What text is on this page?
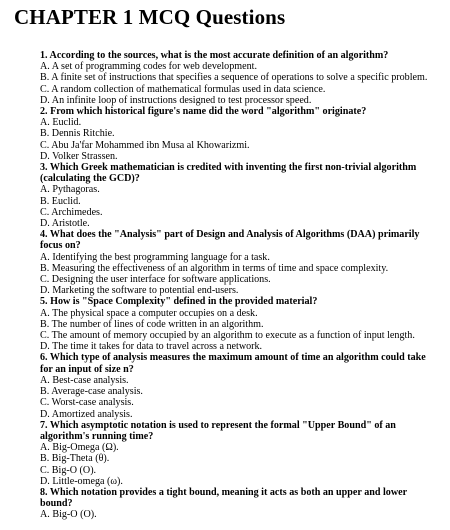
CHAPTER 1 MCQ Questions
1. According to the sources, what is the most accurate definition of an algorithm?
A. A set of programming codes for web development.
B. A finite set of instructions that specifies a sequence of operations to solve a specific problem.
C. A random collection of mathematical formulas used in data science.
D. An infinite loop of instructions designed to test processor speed.
2. From which historical figure's name did the word "algorithm" originate?
A. Euclid.
B. Dennis Ritchie.
C. Abu Ja'far Mohammed ibn Musa al Khowarizmi.
D. Volker Strassen.
3. Which Greek mathematician is credited with inventing the first non-trivial algorithm (calculating the GCD)?
A. Pythagoras.
B. Euclid.
C. Archimedes.
D. Aristotle.
4. What does the "Analysis" part of Design and Analysis of Algorithms (DAA) primarily focus on?
A. Identifying the best programming language for a task.
B. Measuring the effectiveness of an algorithm in terms of time and space complexity.
C. Designing the user interface for software applications.
D. Marketing the software to potential end-users.
5. How is "Space Complexity" defined in the provided material?
A. The physical space a computer occupies on a desk.
B. The number of lines of code written in an algorithm.
C. The amount of memory occupied by an algorithm to execute as a function of input length.
D. The time it takes for data to travel across a network.
6. Which type of analysis measures the maximum amount of time an algorithm could take for an input of size n?
A. Best-case analysis.
B. Average-case analysis.
C. Worst-case analysis.
D. Amortized analysis.
7. Which asymptotic notation is used to represent the formal "Upper Bound" of an algorithm's running time?
A. Big-Omega (Ω).
B. Big-Theta (θ).
C. Big-O (O).
D. Little-omega (ω).
8. Which notation provides a tight bound, meaning it acts as both an upper and lower bound?
A. Big-O (O).
